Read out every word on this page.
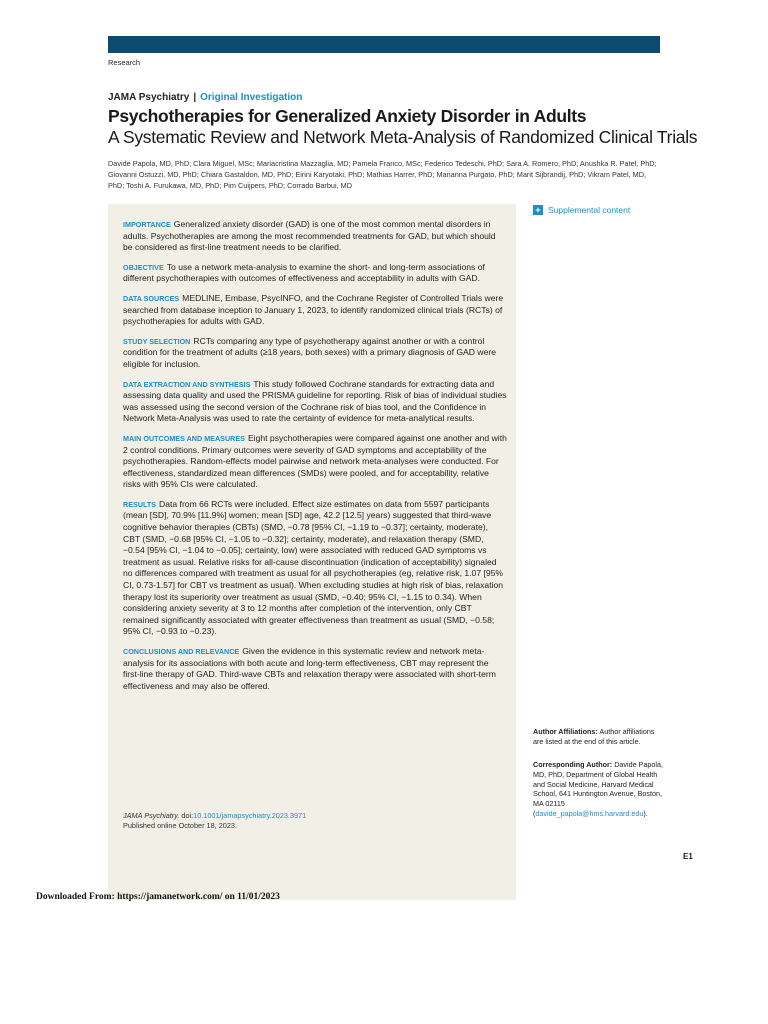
Research
JAMA Psychiatry | Original Investigation
Psychotherapies for Generalized Anxiety Disorder in Adults
A Systematic Review and Network Meta-Analysis of Randomized Clinical Trials
Davide Papola, MD, PhD; Clara Miguel, MSc; Mariacristina Mazzaglia, MD; Pamela Franco, MSc; Federico Tedeschi, PhD; Sara A. Romero, PhD; Anushka R. Patel, PhD; Giovanni Ostuzzi, MD, PhD; Chiara Gastaldon, MD, PhD; Eirini Karyotaki, PhD; Mathias Harrer, PhD; Marianna Purgato, PhD; Marit Sijbrandij, PhD; Vikram Patel, MD, PhD; Toshi A. Furukawa, MD, PhD; Pim Cuijpers, PhD; Corrado Barbui, MD

IMPORTANCE Generalized anxiety disorder (GAD) is one of the most common mental disorders in adults. Psychotherapies are among the most recommended treatments for GAD, but which should be considered as first-line treatment needs to be clarified.

OBJECTIVE To use a network meta-analysis to examine the short- and long-term associations of different psychotherapies with outcomes of effectiveness and acceptability in adults with GAD.

DATA SOURCES MEDLINE, Embase, PsycINFO, and the Cochrane Register of Controlled Trials were searched from database inception to January 1, 2023, to identify randomized clinical trials (RCTs) of psychotherapies for adults with GAD.

STUDY SELECTION RCTs comparing any type of psychotherapy against another or with a control condition for the treatment of adults (≥18 years, both sexes) with a primary diagnosis of GAD were eligible for inclusion.

DATA EXTRACTION AND SYNTHESIS This study followed Cochrane standards for extracting data and assessing data quality and used the PRISMA guideline for reporting. Risk of bias of individual studies was assessed using the second version of the Cochrane risk of bias tool, and the Confidence in Network Meta-Analysis was used to rate the certainty of evidence for meta-analytical results.

MAIN OUTCOMES AND MEASURES Eight psychotherapies were compared against one another and with 2 control conditions. Primary outcomes were severity of GAD symptoms and acceptability of the psychotherapies. Random-effects model pairwise and network meta-analyses were conducted. For effectiveness, standardized mean differences (SMDs) were pooled, and for acceptability, relative risks with 95% CIs were calculated.

RESULTS Data from 66 RCTs were included. Effect size estimates on data from 5597 participants (mean [SD], 70.9% [11.9%] women; mean [SD] age, 42.2 [12.5] years) suggested that third-wave cognitive behavior therapies (CBTs) (SMD, −0.78 [95% CI, −1.19 to −0.37]; certainty, moderate), CBT (SMD, −0.68 [95% CI, −1.05 to −0.32]; certainty, moderate), and relaxation therapy (SMD, −0.54 [95% CI, −1.04 to −0.05]; certainty, low) were associated with reduced GAD symptoms vs treatment as usual. Relative risks for all-cause discontinuation (indication of acceptability) signaled no differences compared with treatment as usual for all psychotherapies (eg, relative risk, 1.07 [95% CI, 0.73-1.57] for CBT vs treatment as usual). When excluding studies at high risk of bias, relaxation therapy lost its superiority over treatment as usual (SMD, −0.40; 95% CI, −1.15 to 0.34). When considering anxiety severity at 3 to 12 months after completion of the intervention, only CBT remained significantly associated with greater effectiveness than treatment as usual (SMD, −0.58; 95% CI, −0.93 to −0.23).

CONCLUSIONS AND RELEVANCE Given the evidence in this systematic review and network meta-analysis for its associations with both acute and long-term effectiveness, CBT may represent the first-line therapy of GAD. Third-wave CBTs and relaxation therapy were associated with short-term effectiveness and may also be offered.

JAMA Psychiatry. doi:10.1001/jamapsychiatry.2023.3971
Published online October 18, 2023.
+ Supplemental content
Author Affiliations: Author affiliations are listed at the end of this article.
Corresponding Author: Davide Papola, MD, PhD, Department of Global Health and Social Medicine, Harvard Medical School, 641 Huntington Avenue, Boston, MA 02115 (davide_papola@hms.harvard.edu).
E1
Downloaded From: https://jamanetwork.com/ on 11/01/2023
